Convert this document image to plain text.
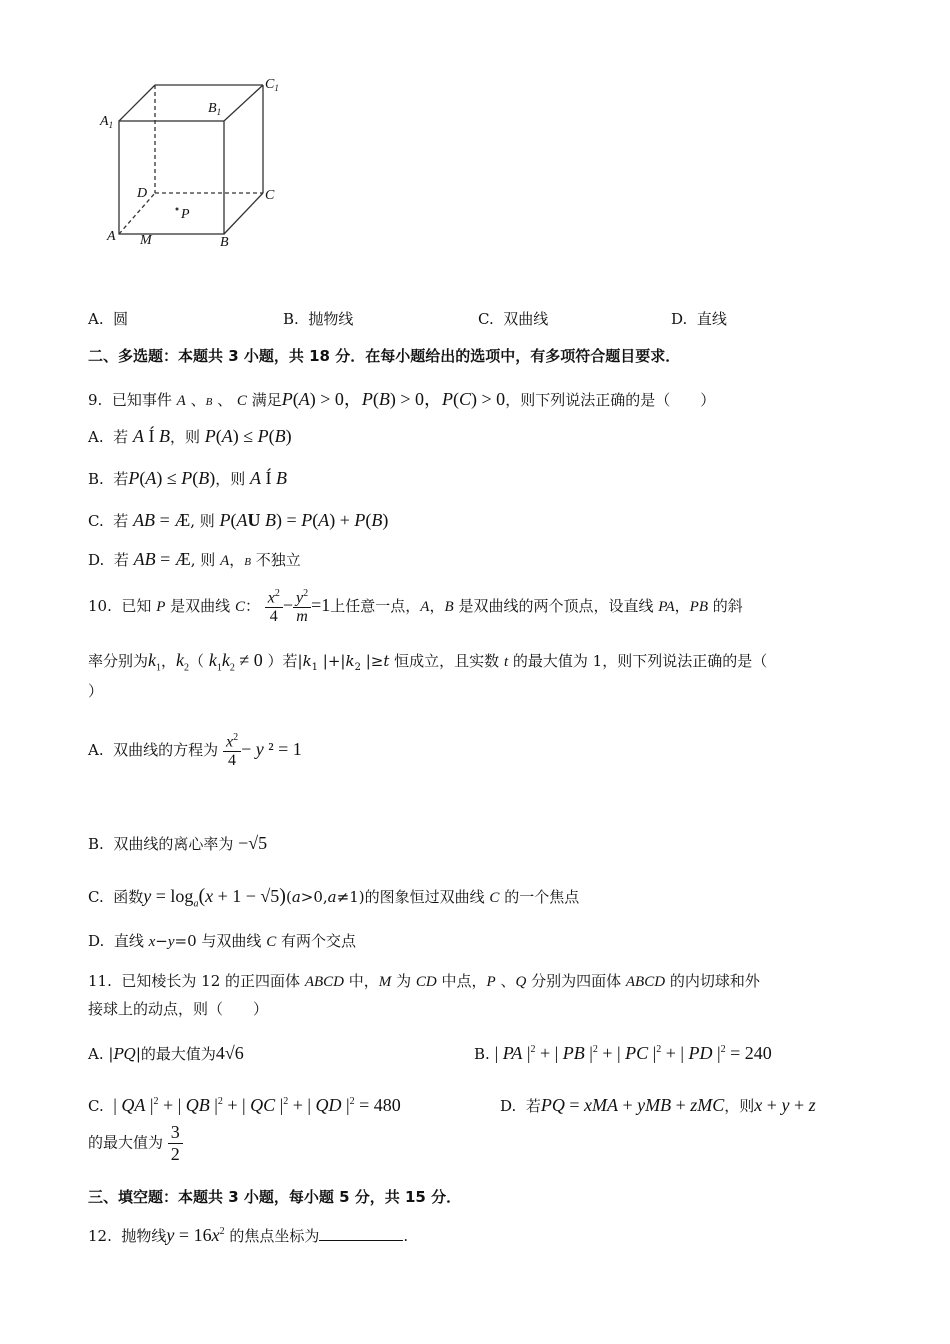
$A_1$
$B_1$
$C_1$
D	C
A M	B
P
A. 圆	B. 抛物线	C. 双曲线	D. 直线
二、多选题：本题共 3 小题，共 18 分．在每小题给出的选项中，有多项符合题目要求．
9. 已知事件 A 、B 、 C 满足P(A) > 0，P(B) > 0，P(C) > 0，则下列说法正确的是（　　）
A. 若 A Í B，则 P(A) ≤ P(B)
B. 若P(A) ≤ P(B)，则 A Í B
C. 若 AB = Æ, 则 P(AU B) = P(A) + P(B)
D. 若 AB = Æ, 则 A，B 不独立
10. 已知 P 是双曲线 C： $\frac{x^2}{4} - \frac{y^2}{m} =1$上任意一点，A，B 是双曲线的两个顶点，设直线 PA，PB 的斜
率分别为$k_1$，$k_2$（ $k_1k_2 \ne 0$ ）若$|k_1$ $|+|k_2$ |≥t 恒成立，且实数 t 的最大值为 1，则下列说法正确的是（
）
A. 双曲线的方程为 $\frac{x^2}{4} - y$ ² = 1
B. 双曲线的离心率为 −√5
C. 函数$y = \log_a(x + 1 - √5)(a>0,a\ne 1)$的图象恒过双曲线 C 的一个焦点
D. 直线 x−y=0 与双曲线 C 有两个交点
11. 已知棱长为 12 的正四面体 ABCD 中，M 为 CD 中点，P 、Q 分别为四面体 ABCD 的内切球和外
接球上的动点，则（　　）
A. |PQ|的最大值为4√6	B. | PA $|^2$ + | PB $|^2$ + | PC $|^2$ + | PD $|^2 = 240$
C. | QA $|^2$ + | QB $|^2$ + | QC $|^2$ + | QD $|^2 = 480$	D. 若PQ = xMA + yMB + zMC，则x + y + z
的最大值为 $\frac{3}{2}$
三、填空题：本题共 3 小题，每小题 5 分，共 15 分．
12. 抛物线$y = 16x^2$ 的焦点坐标为	.
